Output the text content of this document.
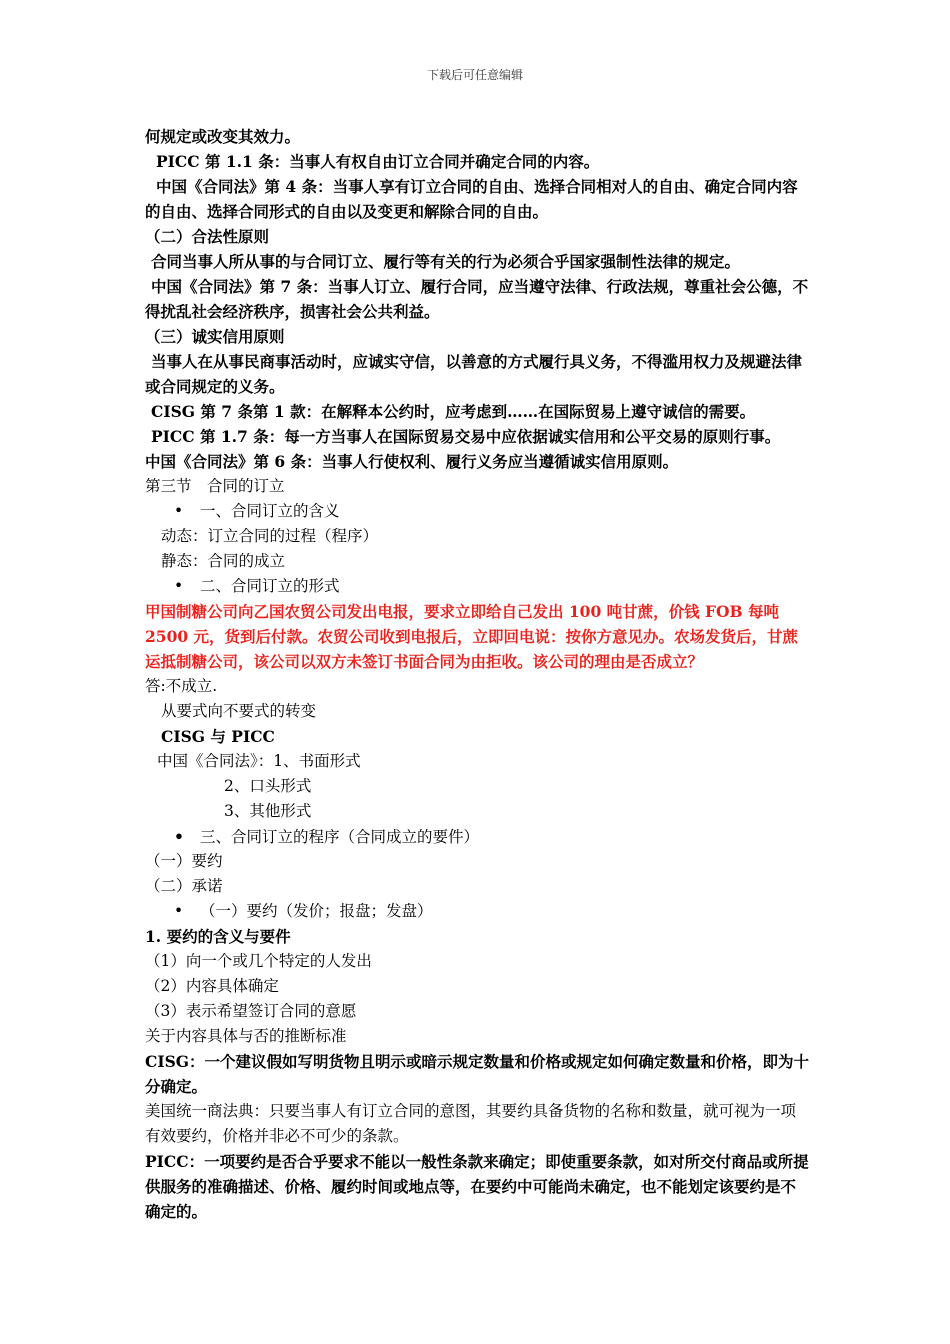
下载后可任意编辑
何规定或改变其效力。
PICC 第 1.1 条：当事人有权自由订立合同并确定合同的内容。
中国《合同法》第 4 条：当事人享有订立合同的自由、选择合同相对人的自由、确定合同内容的自由、选择合同形式的自由以及变更和解除合同的自由。
（二）合法性原则
合同当事人所从事的与合同订立、履行等有关的行为必须合乎国家强制性法律的规定。
中国《合同法》第 7 条：当事人订立、履行合同，应当遵守法律、行政法规，尊重社会公德，不得扰乱社会经济秩序，损害社会公共利益。
（三）诚实信用原则
当事人在从事民商事活动时，应诚实守信，以善意的方式履行具义务，不得滥用权力及规避法律或合同规定的义务。
CISG 第 7 条第 1 款：在解释本公约时，应考虑到……在国际贸易上遵守诚信的需要。
PICC 第 1.7 条：每一方当事人在国际贸易交易中应依据诚实信用和公平交易的原则行事。
中国《合同法》第 6 条：当事人行使权利、履行义务应当遵循诚实信用原则。
第三节　合同的订立
• 一、合同订立的含义
动态：订立合同的过程（程序）
静态：合同的成立
• 二、合同订立的形式
甲国制糖公司向乙国农贸公司发出电报，要求立即给自己发出 100 吨甘蔗，价钱 FOB 每吨 2500 元，货到后付款。农贸公司收到电报后，立即回电说：按你方意见办。农场发货后，甘蔗运抵制糖公司，该公司以双方未签订书面合同为由拒收。该公司的理由是否成立？
答:不成立.
从要式向不要式的转变
CISG 与 PICC
中国《合同法》：1、书面形式
2、口头形式
3、其他形式
• 三、合同订立的程序（合同成立的要件）
（一）要约
（二）承诺
• （一）要约（发价；报盘；发盘）
1. 要约的含义与要件
（1）向一个或几个特定的人发出
（2）内容具体确定
（3）表示希望签订合同的意愿
关于内容具体与否的推断标准
CISG：一个建议假如写明货物且明示或暗示规定数量和价格或规定如何确定数量和价格，即为十分确定。
美国统一商法典：只要当事人有订立合同的意图，其要约具备货物的名称和数量，就可视为一项有效要约，价格并非必不可少的条款。
PICC：一项要约是否合乎要求不能以一般性条款来确定；即使重要条款，如对所交付商品或所提供服务的准确描述、价格、履约时间或地点等，在要约中可能尚未确定，也不能划定该要约是不确定的。
